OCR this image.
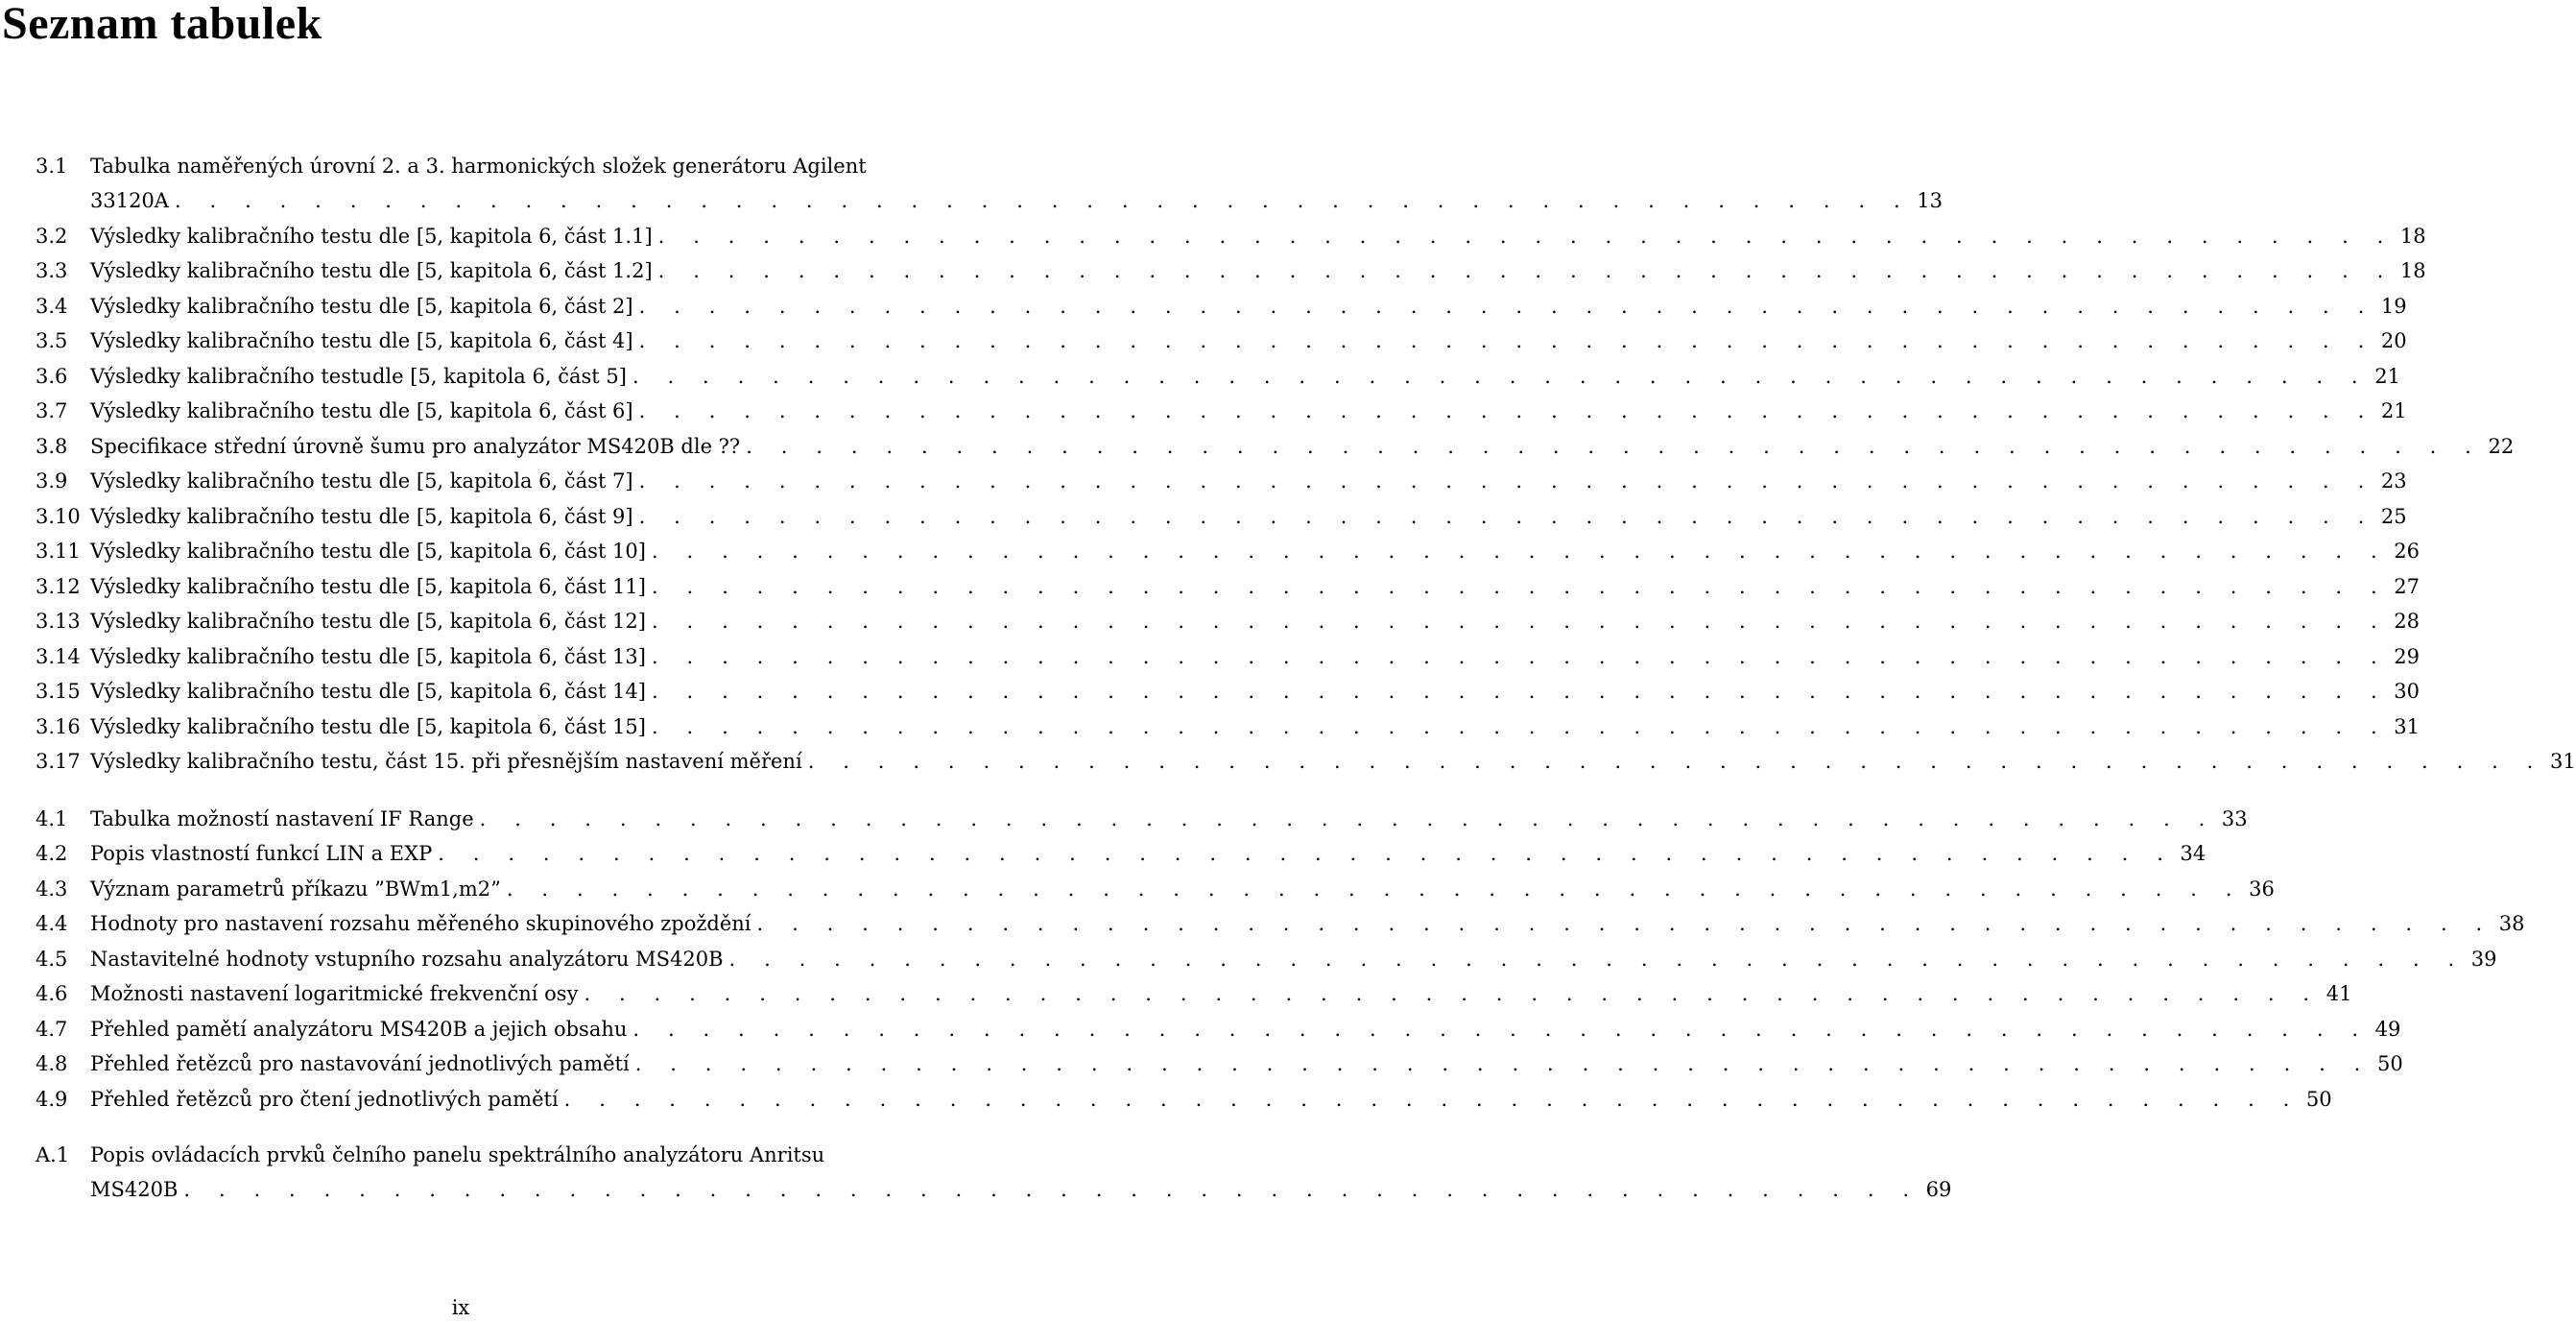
Seznam tabulek
3.1 Tabulka naměřených úrovní 2. a 3. harmonických složek generátoru Agilent
33120A . . . . . . . . . . . . . . . . . . . . . . . . . . . . . . . . . . . . . . . . . . . . . . . . . . 13
3.2 Výsledky kalibračního testu dle [5, kapitola 6, část 1.1] . . . . . . . . . . . . . . . . . . . . . . . . . . . . . . . . . . . . . . . . . . . . . . . . . . 18
3.3 Výsledky kalibračního testu dle [5, kapitola 6, část 1.2] . . . . . . . . . . . . . . . . . . . . . . . . . . . . . . . . . . . . . . . . . . . . . . . . . . 18
3.4 Výsledky kalibračního testu dle [5, kapitola 6, část 2] . . . . . . . . . . . . . . . . . . . . . . . . . . . . . . . . . . . . . . . . . . . . . . . . . . 19
3.5 Výsledky kalibračního testu dle [5, kapitola 6, část 4] . . . . . . . . . . . . . . . . . . . . . . . . . . . . . . . . . . . . . . . . . . . . . . . . . . 20
3.6 Výsledky kalibračního testudle [5, kapitola 6, část 5] . . . . . . . . . . . . . . . . . . . . . . . . . . . . . . . . . . . . . . . . . . . . . . . . . . 21
3.7 Výsledky kalibračního testu dle [5, kapitola 6, část 6] . . . . . . . . . . . . . . . . . . . . . . . . . . . . . . . . . . . . . . . . . . . . . . . . . . 21
3.8 Specifikace střední úrovně šumu pro analyzátor MS420B dle ?? . . . . . . . . . . . . . . . . . . . . . . . . . . . . . . . . . . . . . . . . . . . . . . . . . . 22
3.9 Výsledky kalibračního testu dle [5, kapitola 6, část 7] . . . . . . . . . . . . . . . . . . . . . . . . . . . . . . . . . . . . . . . . . . . . . . . . . . 23
3.10 Výsledky kalibračního testu dle [5, kapitola 6, část 9] . . . . . . . . . . . . . . . . . . . . . . . . . . . . . . . . . . . . . . . . . . . . . . . . . . 25
3.11 Výsledky kalibračního testu dle [5, kapitola 6, část 10] . . . . . . . . . . . . . . . . . . . . . . . . . . . . . . . . . . . . . . . . . . . . . . . . . . 26
3.12 Výsledky kalibračního testu dle [5, kapitola 6, část 11] . . . . . . . . . . . . . . . . . . . . . . . . . . . . . . . . . . . . . . . . . . . . . . . . . . 27
3.13 Výsledky kalibračního testu dle [5, kapitola 6, část 12] . . . . . . . . . . . . . . . . . . . . . . . . . . . . . . . . . . . . . . . . . . . . . . . . . . 28
3.14 Výsledky kalibračního testu dle [5, kapitola 6, část 13] . . . . . . . . . . . . . . . . . . . . . . . . . . . . . . . . . . . . . . . . . . . . . . . . . . 29
3.15 Výsledky kalibračního testu dle [5, kapitola 6, část 14] . . . . . . . . . . . . . . . . . . . . . . . . . . . . . . . . . . . . . . . . . . . . . . . . . . 30
3.16 Výsledky kalibračního testu dle [5, kapitola 6, část 15] . . . . . . . . . . . . . . . . . . . . . . . . . . . . . . . . . . . . . . . . . . . . . . . . . . 31
3.17 Výsledky kalibračního testu, část 15. při přesnějším nastavení měření . . . . . . . . . . . . . . . . . . . . . . . . . . . . . . . . . . . . . . . . . . . . . . . . . . 31
4.1 Tabulka možností nastavení IF Range . . . . . . . . . . . . . . . . . . . . . . . . . . . . . . . . . . . . . . . . . . . . . . . . . . 33
4.2 Popis vlastností funkcí LIN a EXP . . . . . . . . . . . . . . . . . . . . . . . . . . . . . . . . . . . . . . . . . . . . . . . . . . 34
4.3 Význam parametrů příkazu ”BWm1,m2” . . . . . . . . . . . . . . . . . . . . . . . . . . . . . . . . . . . . . . . . . . . . . . . . . . 36
4.4 Hodnoty pro nastavení rozsahu měřeného skupinového zpoždění . . . . . . . . . . . . . . . . . . . . . . . . . . . . . . . . . . . . . . . . . . . . . . . . . . 38
4.5 Nastavitelné hodnoty vstupního rozsahu analyzátoru MS420B . . . . . . . . . . . . . . . . . . . . . . . . . . . . . . . . . . . . . . . . . . . . . . . . . . 39
4.6 Možnosti nastavení logaritmické frekvenční osy . . . . . . . . . . . . . . . . . . . . . . . . . . . . . . . . . . . . . . . . . . . . . . . . . . 41
4.7 Přehled pamětí analyzátoru MS420B a jejich obsahu . . . . . . . . . . . . . . . . . . . . . . . . . . . . . . . . . . . . . . . . . . . . . . . . . . 49
4.8 Přehled řetězců pro nastavování jednotlivých pamětí . . . . . . . . . . . . . . . . . . . . . . . . . . . . . . . . . . . . . . . . . . . . . . . . . . 50
4.9 Přehled řetězců pro čtení jednotlivých pamětí . . . . . . . . . . . . . . . . . . . . . . . . . . . . . . . . . . . . . . . . . . . . . . . . . . 50
A.1 Popis ovládacích prvků čelního panelu spektrálního analyzátoru Anritsu
MS420B . . . . . . . . . . . . . . . . . . . . . . . . . . . . . . . . . . . . . . . . . . . . . . . . . . 69
ix
